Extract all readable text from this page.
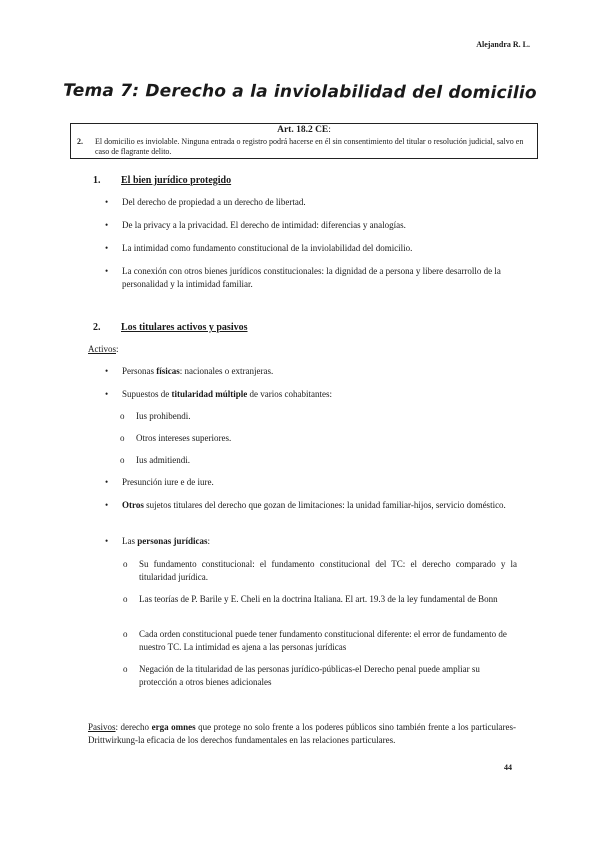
Alejandra R. L.
Tema 7: Derecho a la inviolabilidad del domicilio
Art. 18.2 CE:
2. El domicilio es inviolable. Ninguna entrada o registro podrá hacerse en él sin consentimiento del titular o resolución judicial, salvo en caso de flagrante delito.
1. El bien jurídico protegido
• Del derecho de propiedad a un derecho de libertad.
• De la privacy a la privacidad. El derecho de intimidad: diferencias y analogías.
• La intimidad como fundamento constitucional de la inviolabilidad del domicilio.
• La conexión con otros bienes jurídicos constitucionales: la dignidad de a persona y libere desarrollo de la personalidad y la intimidad familiar.
2. Los titulares activos y pasivos
Activos:
• Personas físicas: nacionales o extranjeras.
• Supuestos de titularidad múltiple de varios cohabitantes:
o Ius prohibendi.
o Otros intereses superiores.
o Ius admitiendi.
• Presunción iure e de iure.
• Otros sujetos titulares del derecho que gozan de limitaciones: la unidad familiar-hijos, servicio doméstico.
• Las personas jurídicas:
o Su fundamento constitucional: el fundamento constitucional del TC: el derecho comparado y la titularidad jurídica.
o Las teorías de P. Barile y E. Cheli en la doctrina Italiana. El art. 19.3 de la ley fundamental de Bonn
o Cada orden constitucional puede tener fundamento constitucional diferente: el error de fundamento de nuestro TC. La intimidad es ajena a las personas jurídicas
o Negación de la titularidad de las personas jurídico-públicas-el Derecho penal puede ampliar su protección a otros bienes adicionales
Pasivos: derecho erga omnes que protege no solo frente a los poderes públicos sino también frente a los particulares-Drittwirkung-la eficacia de los derechos fundamentales en las relaciones particulares.
44
